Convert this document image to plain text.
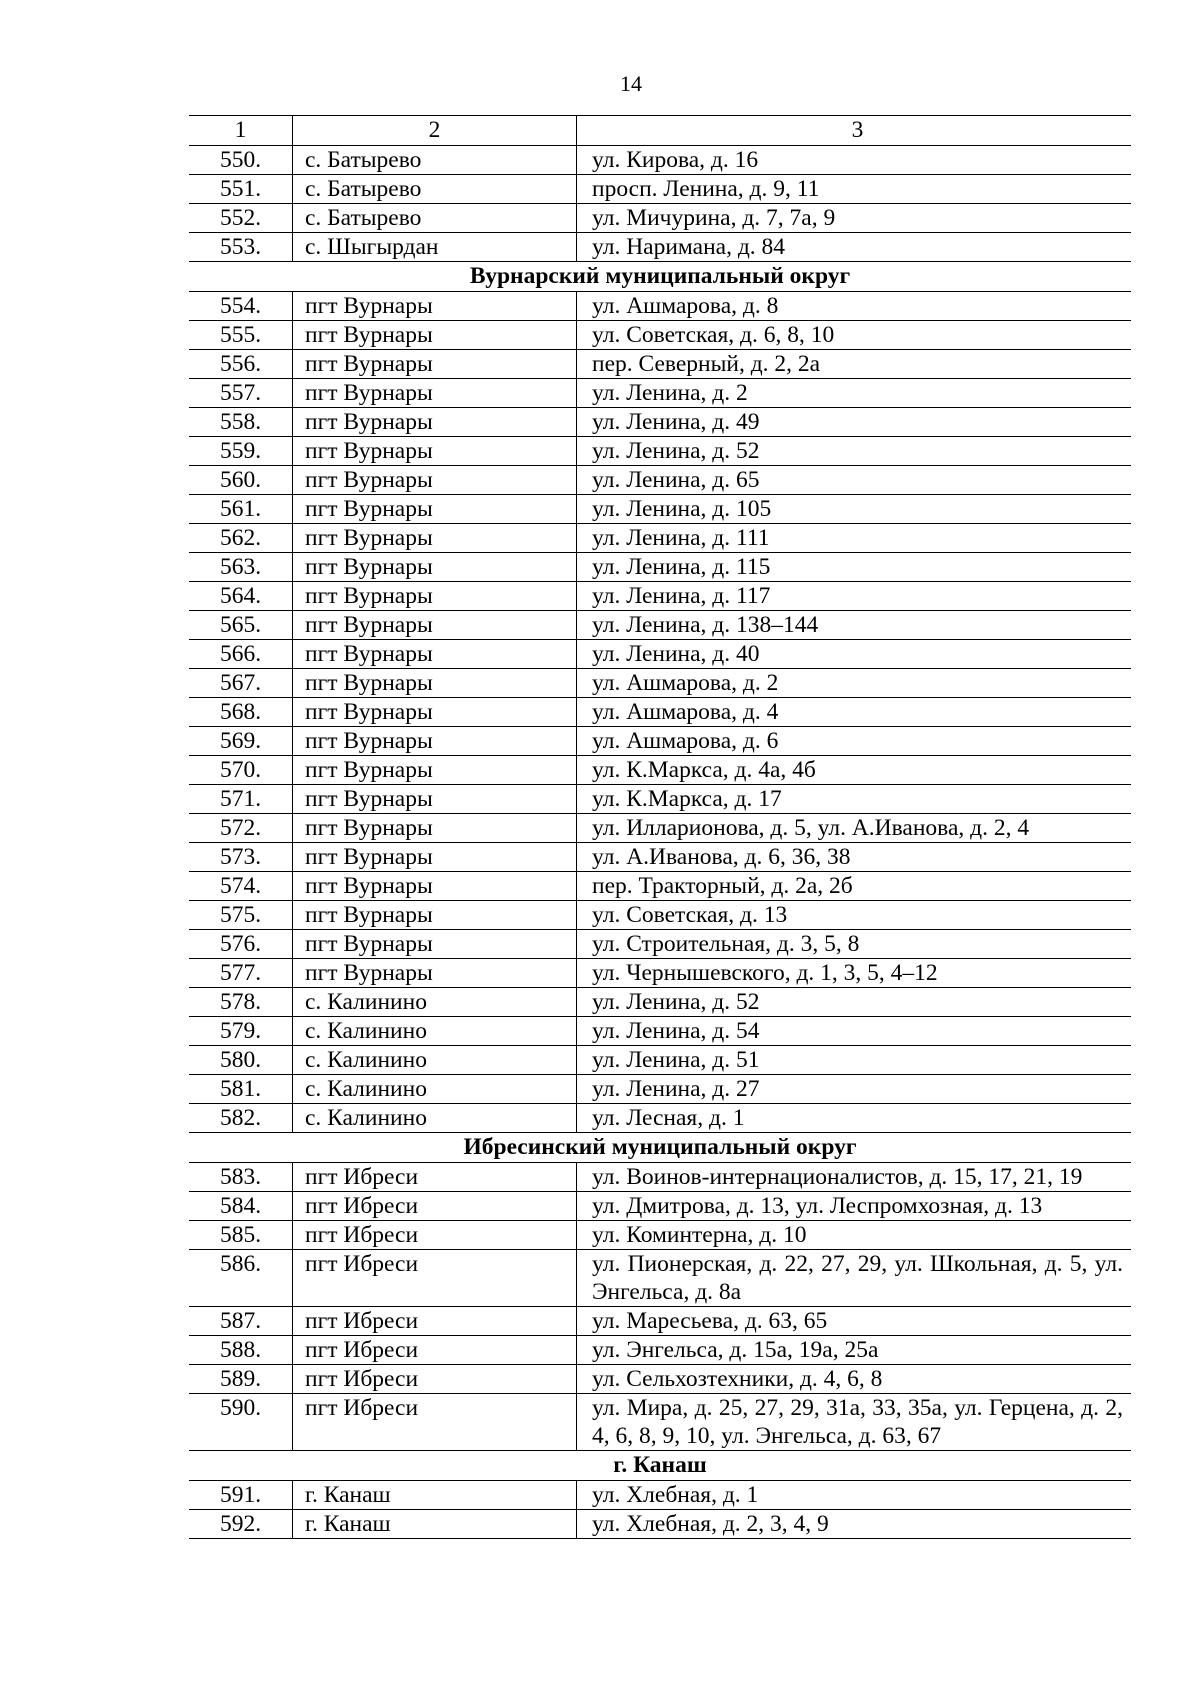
14
1	2	3
550.	с. Батырево	ул. Кирова, д. 16
551.	с. Батырево	просп. Ленина, д. 9, 11
552.	с. Батырево	ул. Мичурина, д. 7, 7а, 9
553.	с. Шыгырдан	ул. Наримана, д. 84
Вурнарский муниципальный округ		
554.	пгт Вурнары	ул. Ашмарова, д. 8
555.	пгт Вурнары	ул. Советская, д. 6, 8, 10
556.	пгт Вурнары	пер. Северный, д. 2, 2а
557.	пгт Вурнары	ул. Ленина, д. 2
558.	пгт Вурнары	ул. Ленина, д. 49
559.	пгт Вурнары	ул. Ленина, д. 52
560.	пгт Вурнары	ул. Ленина, д. 65
561.	пгт Вурнары	ул. Ленина, д. 105
562.	пгт Вурнары	ул. Ленина, д. 111
563.	пгт Вурнары	ул. Ленина, д. 115
564.	пгт Вурнары	ул. Ленина, д. 117
565.	пгт Вурнары	ул. Ленина, д. 138–144
566.	пгт Вурнары	ул. Ленина, д. 40
567.	пгт Вурнары	ул. Ашмарова, д. 2
568.	пгт Вурнары	ул. Ашмарова, д. 4
569.	пгт Вурнары	ул. Ашмарова, д. 6
570.	пгт Вурнары	ул. К.Маркса, д. 4а, 4б
571.	пгт Вурнары	ул. К.Маркса, д. 17
572.	пгт Вурнары	ул. Илларионова, д. 5, ул. А.Иванова, д. 2, 4
573.	пгт Вурнары	ул. А.Иванова, д. 6, 36, 38
574.	пгт Вурнары	пер. Тракторный, д. 2а, 2б
575.	пгт Вурнары	ул. Советская, д. 13
576.	пгт Вурнары	ул. Строительная, д. 3, 5, 8
577.	пгт Вурнары	ул. Чернышевского, д. 1, 3, 5, 4–12
578.	с. Калинино	ул. Ленина, д. 52
579.	с. Калинино	ул. Ленина, д. 54
580.	с. Калинино	ул. Ленина, д. 51
581.	с. Калинино	ул. Ленина, д. 27
582.	с. Калинино	ул. Лесная, д. 1
Ибресинский муниципальный округ		
583.	пгт Ибреси	ул. Воинов-интернационалистов, д. 15, 17, 21, 19
584.	пгт Ибреси	ул. Дмитрова, д. 13, ул. Леспромхозная, д. 13
585.	пгт Ибреси	ул. Коминтерна, д. 10
586.	пгт Ибреси	ул. Пионерская, д. 22, 27, 29, ул. Школьная, д. 5, ул. Энгельса, д. 8а
587.	пгт Ибреси	ул. Маресьева, д. 63, 65
588.	пгт Ибреси	ул. Энгельса, д. 15а, 19а, 25а
589.	пгт Ибреси	ул. Сельхозтехники, д. 4, 6, 8
590.	пгт Ибреси	ул. Мира, д. 25, 27, 29, 31а, 33, 35а, ул. Герцена, д. 2, 4, 6, 8, 9, 10, ул. Энгельса, д. 63, 67
г. Канаш		
591.	г. Канаш	ул. Хлебная, д. 1
592.	г. Канаш	ул. Хлебная, д. 2, 3, 4, 9
